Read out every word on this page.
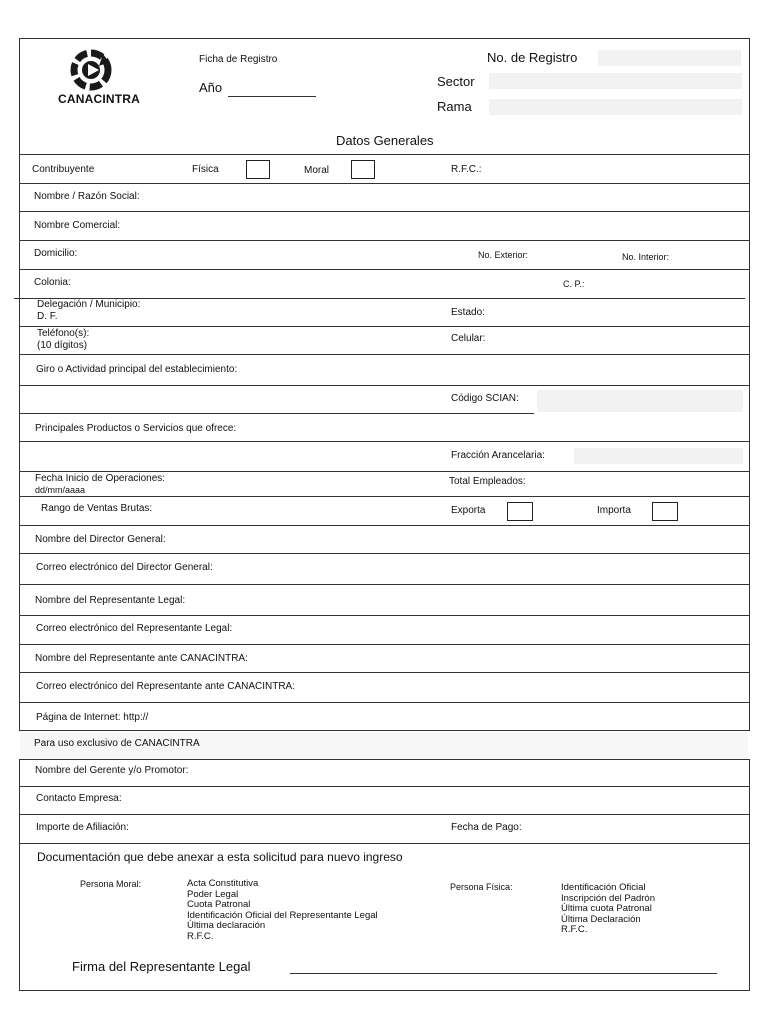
CANACINTRA
Ficha de Registro
Año
No. de Registro
Sector
Rama
Datos Generales
Contribuyente	Física	Moral	R.F.C.:
Nombre / Razón Social:
Nombre Comercial:
Domicilio:	No. Exterior:	No. Interior:
Colonia:	C. P.:
Delegación / Municipio:
D. F.	Estado:
Teléfono(s):
(10 dígitos)
Celular:
Giro o Actividad principal del establecimiento:
Código SCIAN:
Principales Productos o Servicios que ofrece:
Fracción Arancelaria:
Fecha Inicio de Operaciones:
dd/mm/aaaa
Total Empleados:
Rango de Ventas Brutas:	Exporta	Importa
Nombre del Director General:
Correo electrónico del Director General:
Nombre del Representante Legal:
Correo electrónico del Representante Legal:
Nombre del Representante ante CANACINTRA:
Correo electrónico del Representante ante CANACINTRA:
Página de Internet: http://
Para uso exclusivo de CANACINTRA
Nombre del Gerente y/o Promotor:
Contacto Empresa:
Importe de Afiliación:	Fecha de Pago:
Documentación que debe anexar a esta solicitud para nuevo ingreso
Persona Moral:	Acta Constitutiva
Poder Legal
Cuota Patronal
Identificación Oficial del Representante Legal
Última declaración
R.F.C.
Persona Física:	Identificación Oficial
Inscripción del Padrón
Última cuota Patronal
Última Declaración
R.F.C.
Firma del Representante Legal
